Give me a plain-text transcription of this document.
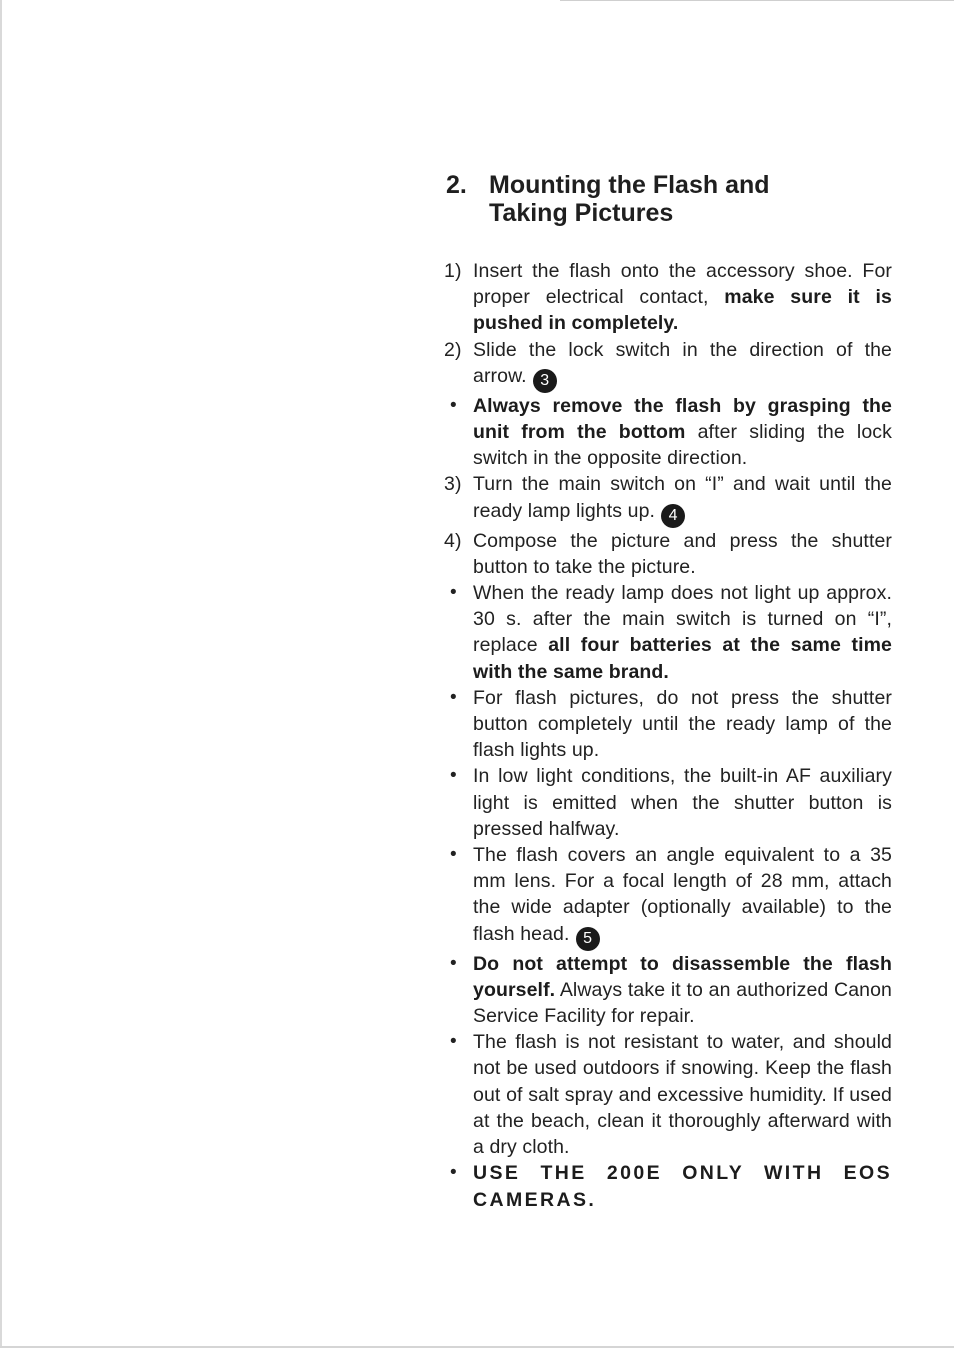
2. Mounting the Flash and Taking Pictures
1) Insert the flash onto the accessory shoe. For proper electrical contact, make sure it is pushed in completely.
2) Slide the lock switch in the direction of the arrow. 3
• Always remove the flash by grasping the unit from the bottom after sliding the lock switch in the opposite direction.
3) Turn the main switch on “I” and wait until the ready lamp lights up. 4
4) Compose the picture and press the shutter button to take the picture.
• When the ready lamp does not light up approx. 30 s. after the main switch is turned on “I”, replace all four batteries at the same time with the same brand.
• For flash pictures, do not press the shutter button completely until the ready lamp of the flash lights up.
• In low light conditions, the built-in AF auxiliary light is emitted when the shutter button is pressed halfway.
• The flash covers an angle equivalent to a 35 mm lens. For a focal length of 28 mm, attach the wide adapter (optionally available) to the flash head. 5
• Do not attempt to disassemble the flash yourself. Always take it to an authorized Canon Service Facility for repair.
• The flash is not resistant to water, and should not be used outdoors if snowing. Keep the flash out of salt spray and excessive humidity. If used at the beach, clean it thoroughly afterward with a dry cloth.
• USE THE 200E ONLY WITH EOS CAMERAS.
